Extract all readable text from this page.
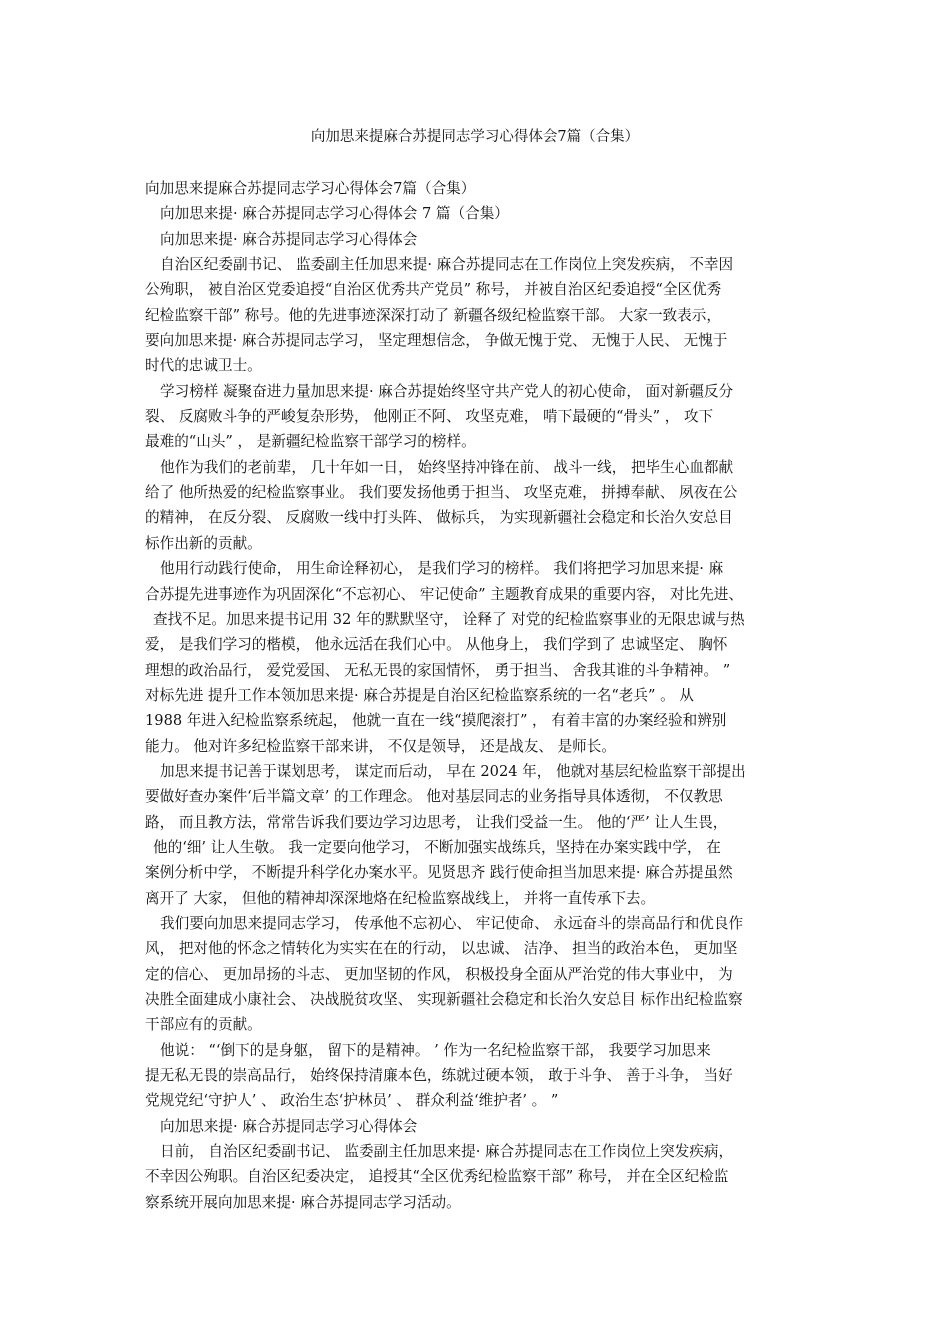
向加思来提麻合苏提同志学习心得体会7篇（合集）
向加思来提麻合苏提同志学习心得体会7篇（合集）
向加思来提· 麻合苏提同志学习心得体会 7 篇（合集）
向加思来提· 麻合苏提同志学习心得体会
自治区纪委副书记、 监委副主任加思来提· 麻合苏提同志在工作岗位上突发疾病， 不幸因
公殉职， 被自治区党委追授“自治区优秀共产党员” 称号， 并被自治区纪委追授“全区优秀
纪检监察干部” 称号。他的先进事迹深深打动了 新疆各级纪检监察干部。 大家一致表示，
要向加思来提· 麻合苏提同志学习， 坚定理想信念， 争做无愧于党、 无愧于人民、 无愧于
时代的忠诚卫士。
学习榜样 凝聚奋进力量加思来提· 麻合苏提始终坚守共产党人的初心使命， 面对新疆反分
裂、 反腐败斗争的严峻复杂形势， 他刚正不阿、 攻坚克难， 啃下最硬的“骨头” ， 攻下
最难的“山头” ， 是新疆纪检监察干部学习的榜样。
他作为我们的老前辈， 几十年如一日， 始终坚持冲锋在前、 战斗一线， 把毕生心血都献
给了 他所热爱的纪检监察事业。 我们要发扬他勇于担当、 攻坚克难， 拼搏奉献、 夙夜在公
的精神， 在反分裂、 反腐败一线中打头阵、 做标兵， 为实现新疆社会稳定和长治久安总目
标作出新的贡献。
他用行动践行使命， 用生命诠释初心， 是我们学习的榜样。 我们将把学习加思来提· 麻
合苏提先进事迹作为巩固深化“不忘初心、 牢记使命” 主题教育成果的重要内容， 对比先进、
查找不足。加思来提书记用 32 年的默默坚守， 诠释了 对党的纪检监察事业的无限忠诚与热
爱， 是我们学习的楷模， 他永远活在我们心中。 从他身上， 我们学到了 忠诚坚定、 胸怀
理想的政治品行， 爱党爱国、 无私无畏的家国情怀， 勇于担当、 舍我其谁的斗争精神。 ”
对标先进 提升工作本领加思来提· 麻合苏提是自治区纪检监察系统的一名“老兵” 。 从
1988 年进入纪检监察系统起， 他就一直在一线“摸爬滚打” ， 有着丰富的办案经验和辨别
能力。 他对许多纪检监察干部来讲， 不仅是领导， 还是战友、 是师长。
加思来提书记善于谋划思考， 谋定而后动， 早在 2024 年， 他就对基层纪检监察干部提出
要做好查办案件‘后半篇文章’ 的工作理念。 他对基层同志的业务指导具体透彻， 不仅教思
路， 而且教方法，常常告诉我们要边学习边思考， 让我们受益一生。 他的‘严’ 让人生畏，
他的‘细’ 让人生敬。 我一定要向他学习， 不断加强实战练兵，坚持在办案实践中学， 在
案例分析中学， 不断提升科学化办案水平。见贤思齐 践行使命担当加思来提· 麻合苏提虽然
离开了 大家， 但他的精神却深深地烙在纪检监察战线上， 并将一直传承下去。
我们要向加思来提同志学习， 传承他不忘初心、 牢记使命、 永远奋斗的崇高品行和优良作
风， 把对他的怀念之情转化为实实在在的行动， 以忠诚、 洁净、 担当的政治本色， 更加坚
定的信心、 更加昂扬的斗志、 更加坚韧的作风， 积极投身全面从严治党的伟大事业中， 为
决胜全面建成小康社会、 决战脱贫攻坚、 实现新疆社会稳定和长治久安总目 标作出纪检监察
干部应有的贡献。
他说： “‘倒下的是身躯， 留下的是精神。 ’ 作为一名纪检监察干部， 我要学习加思来
提无私无畏的崇高品行， 始终保持清廉本色，练就过硬本领， 敢于斗争、 善于斗争， 当好
党规党纪‘守护人’ 、 政治生态‘护林员’ 、 群众利益‘维护者’ 。 ”
向加思来提· 麻合苏提同志学习心得体会
日前， 自治区纪委副书记、 监委副主任加思来提· 麻合苏提同志在工作岗位上突发疾病，
不幸因公殉职。自治区纪委决定， 追授其“全区优秀纪检监察干部” 称号， 并在全区纪检监
察系统开展向加思来提· 麻合苏提同志学习活动。
